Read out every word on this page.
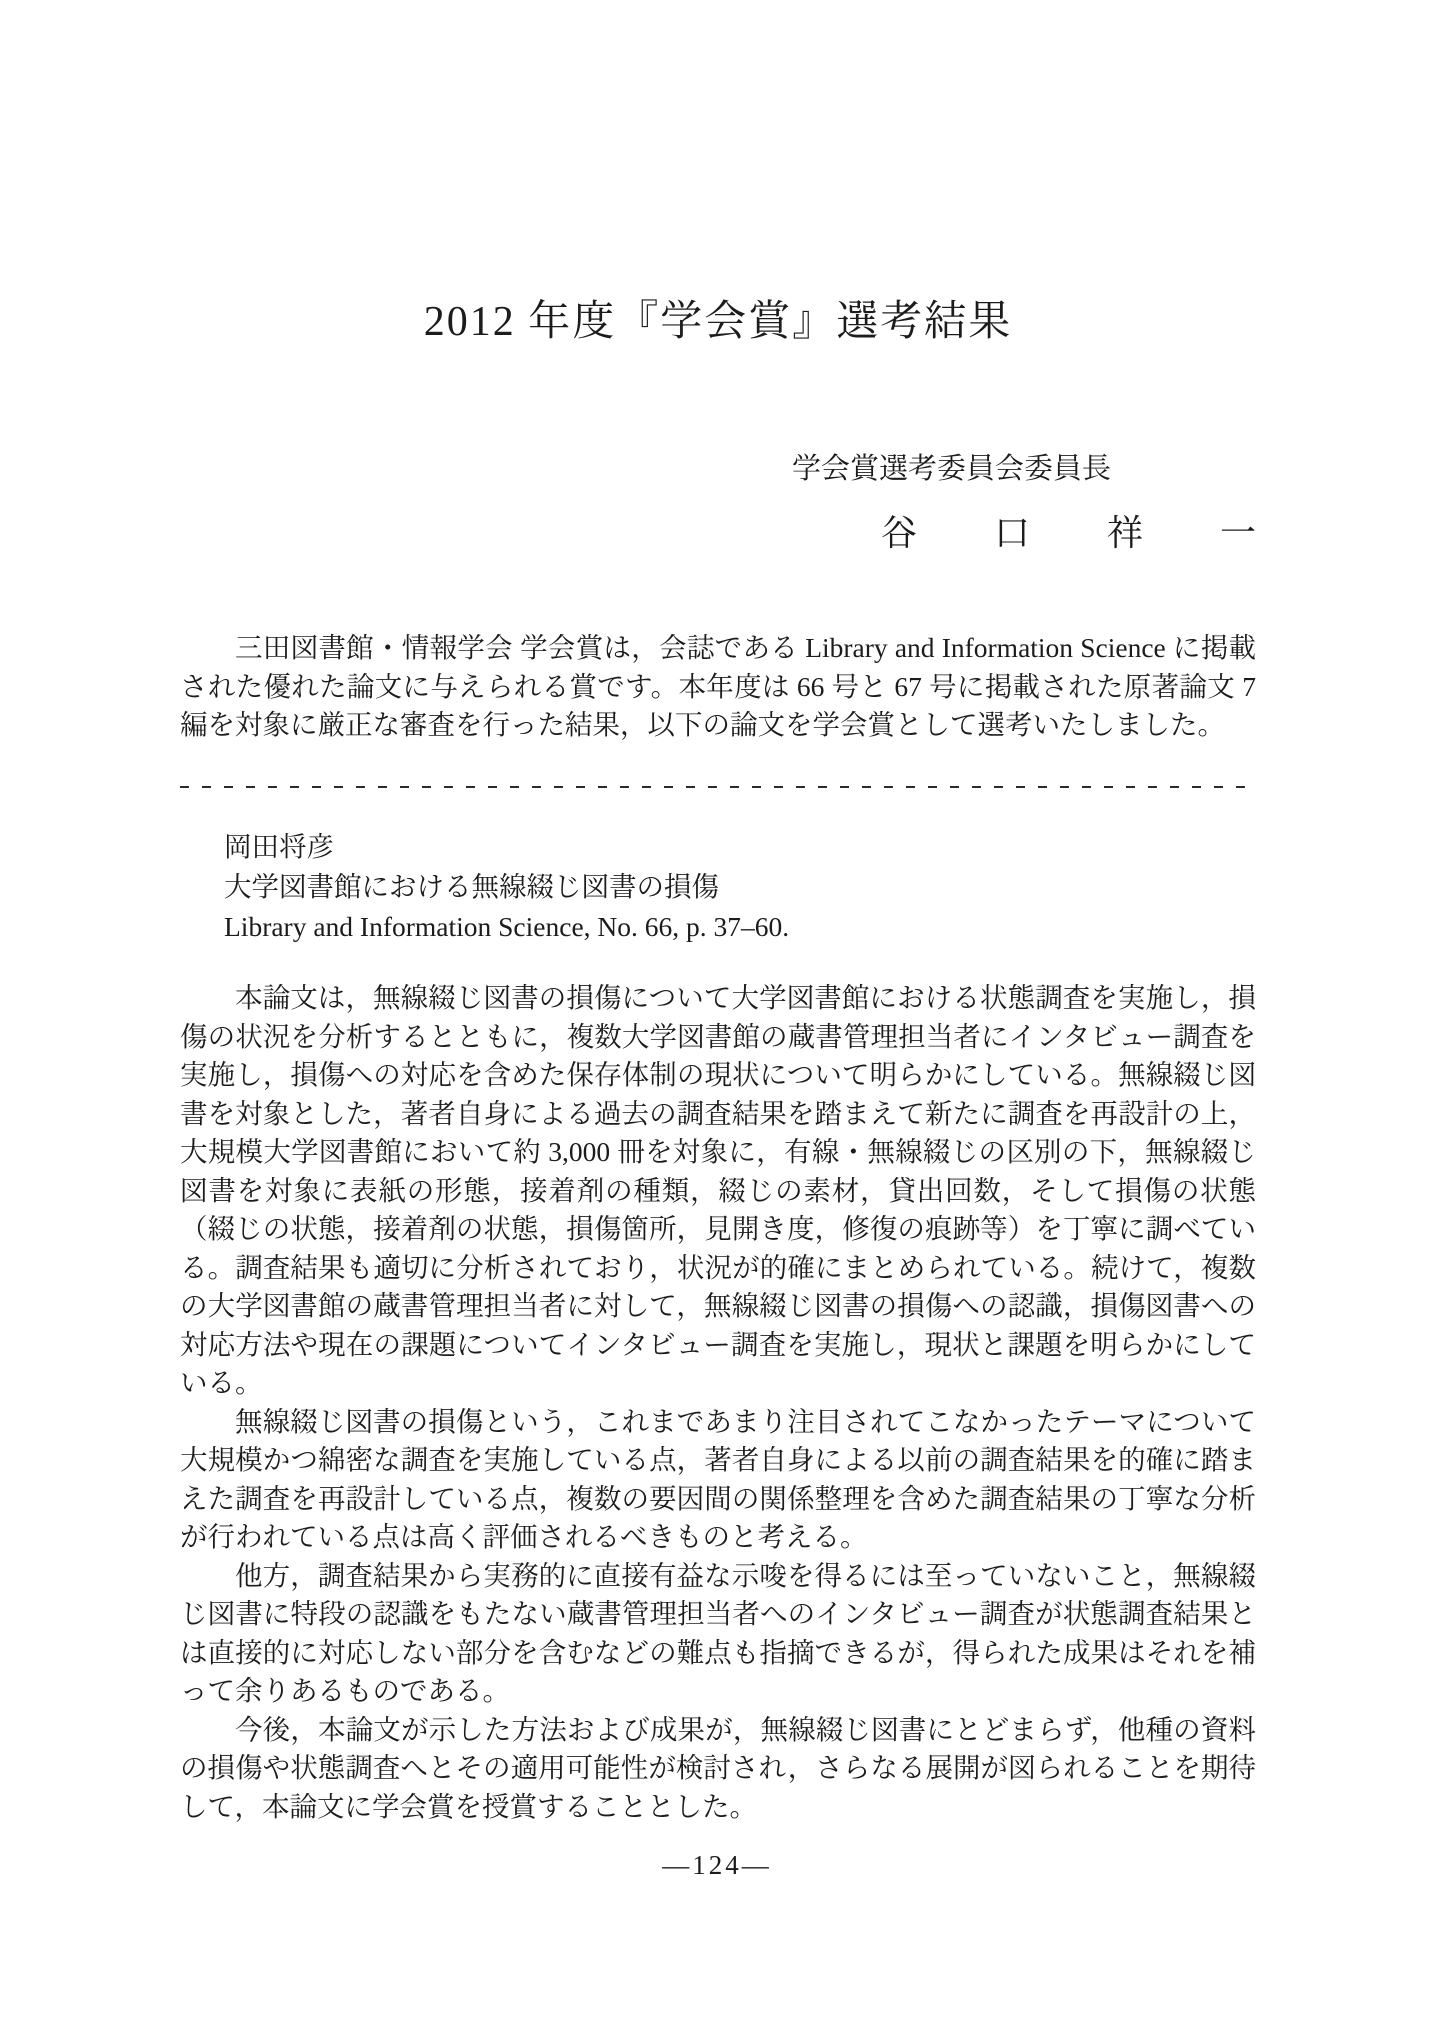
2012 年度『学会賞』選考結果
学会賞選考委員会委員長
谷 口 祥 一

三田図書館・情報学会 学会賞は，会誌である Library and Information Science に掲載された優れた論文に与えられる賞です。本年度は 66 号と 67 号に掲載された原著論文 7 編を対象に厳正な審査を行った結果，以下の論文を学会賞として選考いたしました。

岡田将彦
大学図書館における無線綴じ図書の損傷
Library and Information Science, No. 66, p. 37–60.

本論文は，無線綴じ図書の損傷について大学図書館における状態調査を実施し，損傷の状況を分析するとともに，複数大学図書館の蔵書管理担当者にインタビュー調査を実施し，損傷への対応を含めた保存体制の現状について明らかにしている。無線綴じ図書を対象とした，著者自身による過去の調査結果を踏まえて新たに調査を再設計の上，大規模大学図書館において約 3,000 冊を対象に，有線・無線綴じの区別の下，無線綴じ図書を対象に表紙の形態，接着剤の種類，綴じの素材，貸出回数，そして損傷の状態（綴じの状態，接着剤の状態，損傷箇所，見開き度，修復の痕跡等）を丁寧に調べている。調査結果も適切に分析されており，状況が的確にまとめられている。続けて，複数の大学図書館の蔵書管理担当者に対して，無線綴じ図書の損傷への認識，損傷図書への対応方法や現在の課題についてインタビュー調査を実施し，現状と課題を明らかにしている。

無線綴じ図書の損傷という，これまであまり注目されてこなかったテーマについて大規模かつ綿密な調査を実施している点，著者自身による以前の調査結果を的確に踏まえた調査を再設計している点，複数の要因間の関係整理を含めた調査結果の丁寧な分析が行われている点は高く評価されるべきものと考える。

他方，調査結果から実務的に直接有益な示唆を得るには至っていないこと，無線綴じ図書に特段の認識をもたない蔵書管理担当者へのインタビュー調査が状態調査結果とは直接的に対応しない部分を含むなどの難点も指摘できるが，得られた成果はそれを補って余りあるものである。

今後，本論文が示した方法および成果が，無線綴じ図書にとどまらず，他種の資料の損傷や状態調査へとその適用可能性が検討され，さらなる展開が図られることを期待して，本論文に学会賞を授賞することとした。

―124―
